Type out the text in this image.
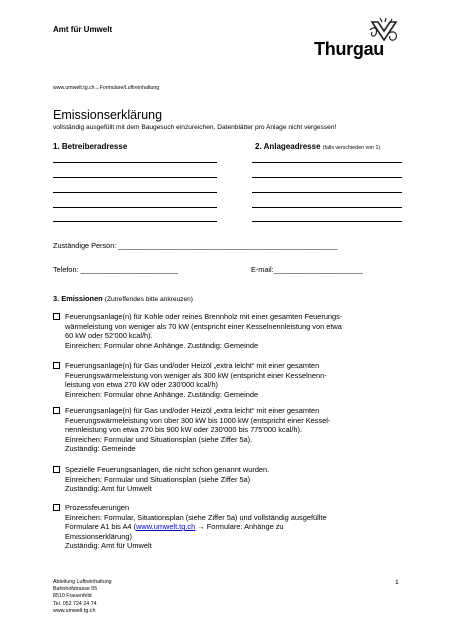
Amt für Umwelt
Thurgau
www.umwelt.tg.ch→Formulare/Luftreinhaltung
Emissionserklärung
vollständig ausgefüllt mit dem Baugesuch einzureichen, Datenblätter pro Anlage nicht vergessen!
1. Betreiberadresse	2. Anlageadresse (falls verschieden von 1)
Zuständige Person: ______________________________________________________
Telefon: ________________________	E-mail:______________________
3. Emissionen (Zutreffendes bitte ankreuzen)
Feuerungsanlage(n) für Kohle oder reines Brennholz mit einer gesamten Feuerungs-
wärmeleistung von weniger als 70 kW (entspricht einer Kesselnennleistung von etwa
60 kW oder 52'000 kcal/h).
Einreichen: Formular ohne Anhänge. Zuständig: Gemeinde
Feuerungsanlage(n) für Gas und/oder Heizöl „extra leicht“ mit einer gesamten
Feuerungswärmeleistung von weniger als 300 kW (entspricht einer Kesselnenn-
leistung von etwa 270 kW oder 230'000 kcal/h)
Einreichen: Formular ohne Anhänge. Zuständig: Gemeinde
Feuerungsanlage(n) für Gas und/oder Heizöl „extra leicht“ mit einer gesamten
Feuerungswärmeleistung von über 300 kW bis 1000 kW (entspricht einer Kessel-
nennleistung von etwa 270 bis 900 kW oder 230'000 bis 775'000 kcal/h).
Einreichen: Formular und Situationsplan (siehe Ziffer 5a).
Zuständig: Gemeinde
Spezielle Feuerungsanlagen, die nicht schon genannt wurden.
Einreichen: Formular und Situationsplan (siehe Ziffer 5a)
Zuständig: Amt für Umwelt
Prozessfeuerungen
Einreichen: Formular, Situationsplan (siehe Ziffer 5a) und vollständig ausgefüllte
Formulare A1 bis A4 (www.umwelt.tg.ch → Formulare: Anhänge zu
Emissionserklärung)
Zuständig: Amt für Umwelt
Abteilung Luftreinhaltung
Bahnhofstrasse 55
8510 Frauenfeld
Tel. 052 724 24 74
www.umwelt.tg.ch
1
